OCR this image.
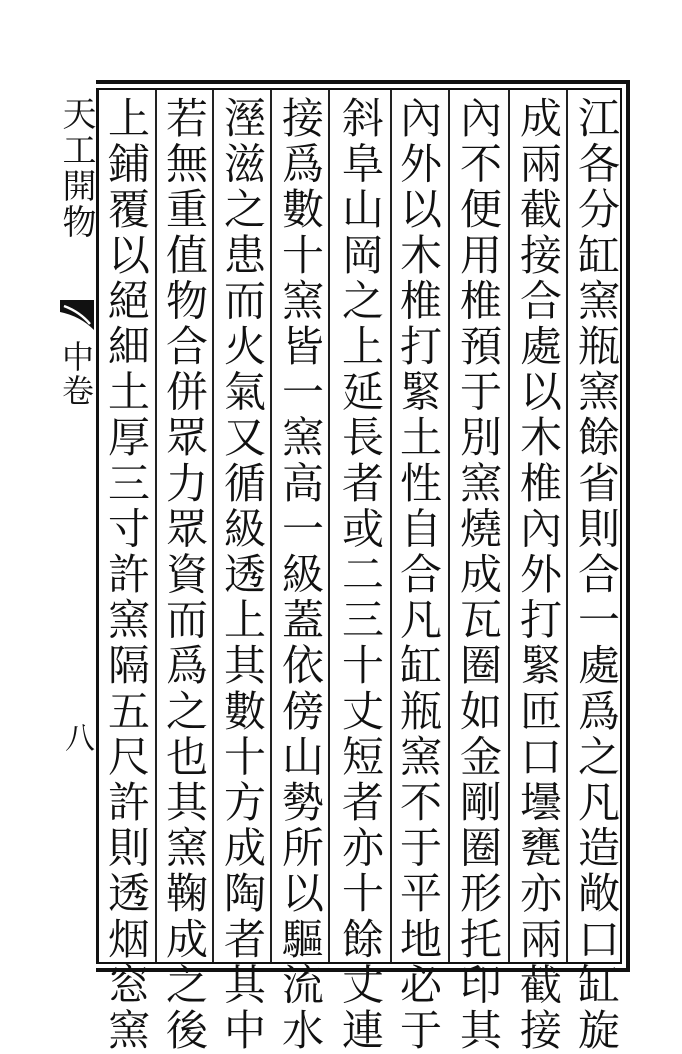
天工開物
中卷
八	江各分缸窯瓶窯餘省則合一處爲之凡造敞口缸旋
成兩截接合處以木椎內外打緊匝口壜甕亦兩截接
內不便用椎預于別窯燒成瓦圈如金剛圈形托印其
內外以木椎打緊土性自合凡缸瓶窯不于平地必于
斜阜山岡之上延長者或二三十丈短者亦十餘丈連
接爲數十窯皆一窯高一級蓋依傍山勢所以驅流水
溼滋之患而火氣又循級透上其數十方成陶者其中
若無重值物合併眾力眾資而爲之也其窯鞠成之後
上鋪覆以絕細土厚三寸許窯隔五尺許則透烟窓窯
